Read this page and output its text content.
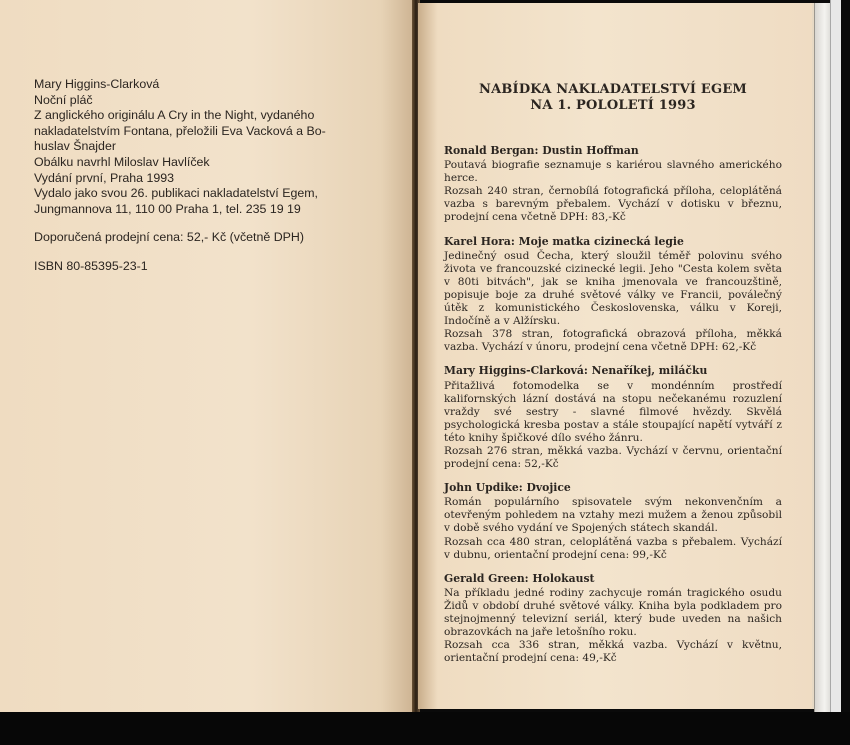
Mary Higgins-Clarková
Noční pláč
Z anglického originálu A Cry in the Night, vydaného
nakladatelstvím Fontana, přeložili Eva Vacková a Bo-
huslav Šnajder
Obálku navrhl Miloslav Havlíček
Vydání první, Praha 1993
Vydalo jako svou 26. publikaci nakladatelství Egem,
Jungmannova 11, 110 00 Praha 1, tel. 235 19 19
Doporučená prodejní cena: 52,- Kč (včetně DPH)
ISBN 80-85395-23-1
NABÍDKA NAKLADATELSTVÍ EGEM
NA 1. POLOLETÍ 1993
Ronald Bergan: Dustin Hoffman

Poutavá biografie seznamuje s kariérou slavného amerického herce.

Rozsah 240 stran, černobílá fotografická příloha, celoplátěná vazba s barevným přebalem. Vychází v dotisku v březnu, prodejní cena včetně DPH: 83,-Kč

Karel Hora: Moje matka cizinecká legie

Jedinečný osud Čecha, který sloužil téměř polovinu svého života ve francouzské cizinecké legii. Jeho "Cesta kolem světa v 80ti bitvách", jak se kniha jmenovala ve francouzštině, popisuje boje za druhé světové války ve Francii, poválečný útěk z komunistického Československa, válku v Koreji, Indočíně a v Alžírsku.

Rozsah 378 stran, fotografická obrazová příloha, měkká vazba. Vychází v únoru, prodejní cena včetně DPH: 62,-Kč

Mary Higgins-Clarková: Nenaříkej, miláčku

Přitažlivá fotomodelka se v mondénním prostředí kalifornských lázní dostává na stopu nečekanému rozuzlení vraždy své sestry - slavné filmové hvězdy. Skvělá psychologická kresba postav a stále stoupající napětí vytváří z této knihy špičkové dílo svého žánru.

Rozsah 276 stran, měkká vazba. Vychází v červnu, orientační prodejní cena: 52,-Kč

John Updike: Dvojice

Román populárního spisovatele svým nekonvenčním a otevřeným pohledem na vztahy mezi mužem a ženou způsobil v době svého vydání ve Spojených státech skandál.

Rozsah cca 480 stran, celoplátěná vazba s přebalem. Vychází v dubnu, orientační prodejní cena: 99,-Kč

Gerald Green: Holokaust

Na příkladu jedné rodiny zachycuje román tragického osudu Židů v období druhé světové války. Kniha byla podkladem pro stejnojmenný televizní seriál, který bude uveden na našich obrazovkách na jaře letošního roku.

Rozsah cca 336 stran, měkká vazba. Vychází v květnu, orientační prodejní cena: 49,-Kč
